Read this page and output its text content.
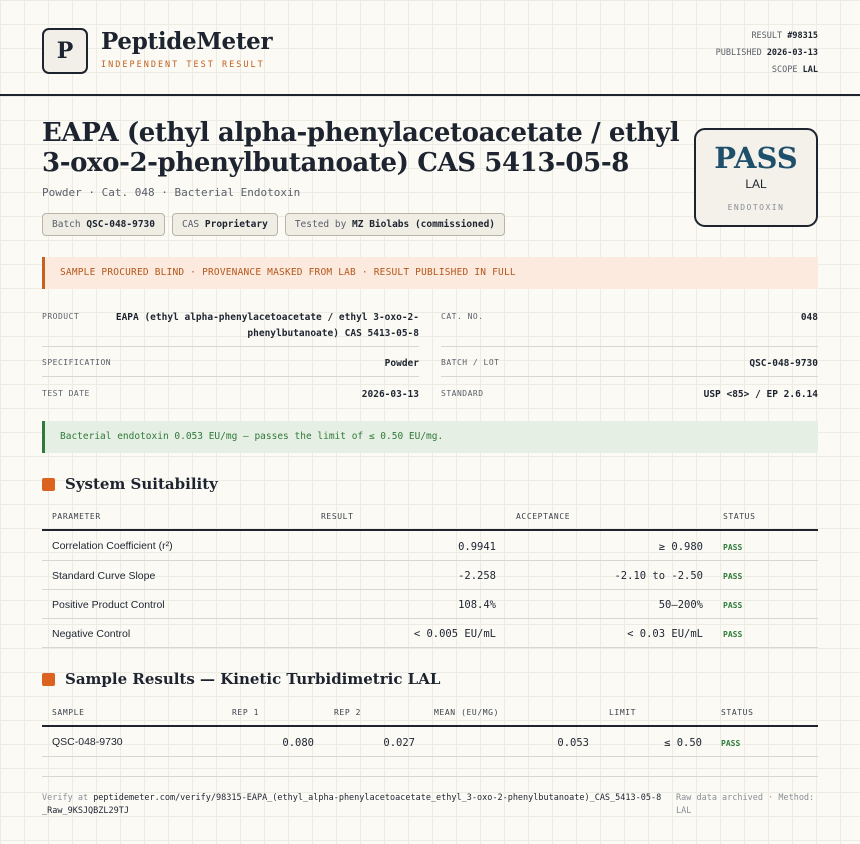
P	PeptideMeter
INDEPENDENT TEST RESULT
RESULT #98315
PUBLISHED 2026-03-13
SCOPE LAL
EAPA (ethyl alpha-phenylacetoacetate / ethyl 3-oxo-2-phenylbutanoate) CAS 5413-05-8
Powder · Cat. 048 · Bacterial Endotoxin
Batch QSC-048-9730	CAS Proprietary	Tested by MZ Biolabs (commissioned)
PASS
LAL
ENDOTOXIN
SAMPLE PROCURED BLIND · PROVENANCE MASKED FROM LAB · RESULT PUBLISHED IN FULL
PRODUCT	EAPA (ethyl alpha-phenylacetoacetate / ethyl 3-oxo-2-phenylbutanoate) CAS 5413-05-8
SPECIFICATION	Powder
TEST DATE	2026-03-13
CAT. NO.	048
BATCH / LOT	QSC-048-9730
STANDARD	USP <85> / EP 2.6.14
Bacterial endotoxin 0.053 EU/mg — passes the limit of ≤ 0.50 EU/mg.
System Suitability
PARAMETER	RESULT	ACCEPTANCE	STATUS
Correlation Coefficient (r²)	0.9941	≥ 0.980	PASS
Standard Curve Slope	-2.258	-2.10 to -2.50	PASS
Positive Product Control	108.4%	50–200%	PASS
Negative Control	< 0.005 EU/mL	< 0.03 EU/mL	PASS
Sample Results — Kinetic Turbidimetric LAL
SAMPLE	REP 1	REP 2	MEAN (EU/MG)	LIMIT	STATUS
QSC-048-9730	0.080	0.027	0.053	≤ 0.50 PASS
Verify at peptidemeter.com/verify/98315-EAPA_(ethyl_alpha-phenylacetoacetate_ethyl_3-oxo-2-phenylbutanoate)_CAS_5413-05-8_Raw_9KSJQBZL29TJ
Raw data archived · Method: LAL
